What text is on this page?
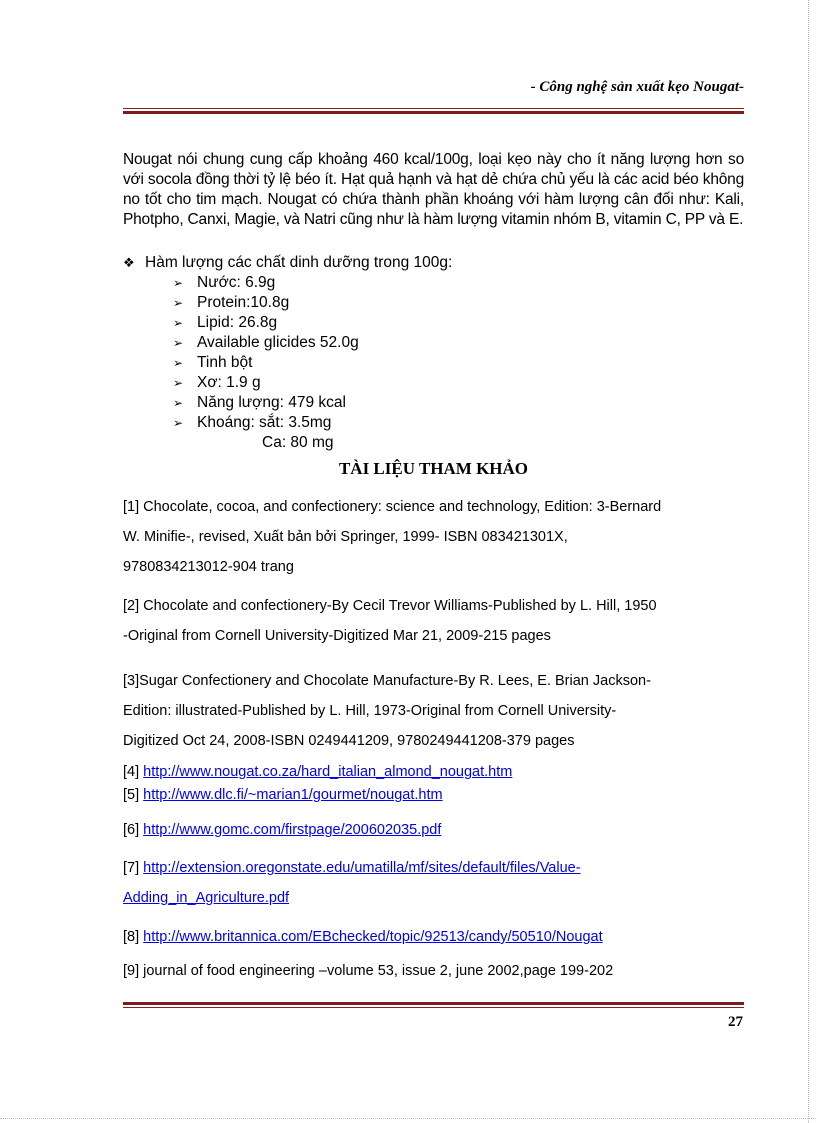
- Công nghệ sản xuất kẹo Nougat-

Nougat nói chung cung cấp khoảng 460 kcal/100g, loại kẹo này cho ít năng lượng hơn so với socola đồng thời tỷ lệ béo ít. Hạt quả hạnh và hạt dẻ chứa chủ yếu là các acid béo không no tốt cho tim mạch. Nougat có chứa thành phần khoáng với hàm lượng cân đối như: Kali, Photpho, Canxi, Magie, và Natri cũng như là hàm lượng vitamin nhóm B, vitamin C, PP và E.

❖ Hàm lượng các chất dinh dưỡng trong 100g:
➢ Nước: 6.9g
➢ Protein:10.8g
➢ Lipid: 26.8g
➢ Available glicides 52.0g
➢ Tinh bột
➢ Xơ: 1.9 g
➢ Năng lượng: 479 kcal
➢ Khoáng: sắt: 3.5mg
Ca: 80 mg
TÀI LIỆU THAM KHẢO
[1] Chocolate, cocoa, and confectionery: science and technology, Edition: 3-Bernard
W. Minifie-, revised, Xuất bản bởi Springer, 1999- ISBN 083421301X,
9780834213012-904 trang
[2] Chocolate and confectionery-By Cecil Trevor Williams-Published by L. Hill, 1950
-Original from Cornell University-Digitized Mar 21, 2009-215 pages
[3]Sugar Confectionery and Chocolate Manufacture-By R. Lees, E. Brian Jackson-
Edition: illustrated-Published by L. Hill, 1973-Original from Cornell University-
Digitized Oct 24, 2008-ISBN 0249441209, 9780249441208-379 pages
[4] http://www.nougat.co.za/hard_italian_almond_nougat.htm
[5] http://www.dlc.fi/~marian1/gourmet/nougat.htm
[6] http://www.gomc.com/firstpage/200602035.pdf
[7] http://extension.oregonstate.edu/umatilla/mf/sites/default/files/Value-
Adding_in_Agriculture.pdf
[8] http://www.britannica.com/EBchecked/topic/92513/candy/50510/Nougat
[9] journal of food engineering –volume 53, issue 2, june 2002,page 199-202
27
